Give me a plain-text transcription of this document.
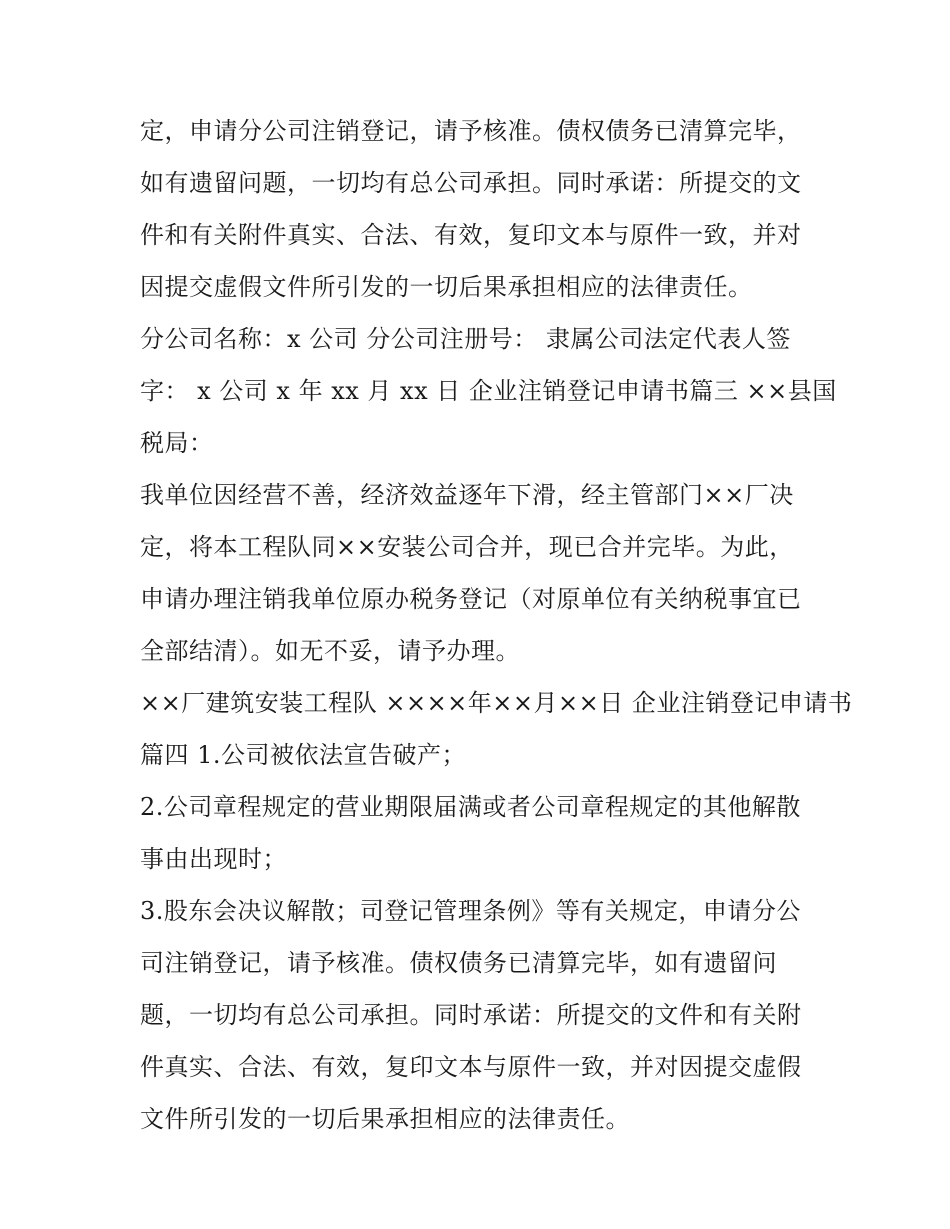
定，申请分公司注销登记，请予核准。债权债务已清算完毕，
如有遗留问题，一切均有总公司承担。同时承诺：所提交的文
件和有关附件真实、合法、有效，复印文本与原件一致，并对
因提交虚假文件所引发的一切后果承担相应的法律责任。
分公司名称：x 公司 分公司注册号： 隶属公司法定代表人签
字： x 公司 x 年 xx 月 xx 日 企业注销登记申请书篇三 ××县国
税局：
我单位因经营不善，经济效益逐年下滑，经主管部门××厂决
定，将本工程队同××安装公司合并，现已合并完毕。为此，
申请办理注销我单位原办税务登记（对原单位有关纳税事宜已
全部结清）。如无不妥，请予办理。
××厂建筑安装工程队 ××××年××月××日 企业注销登记申请书
篇四 1.公司被依法宣告破产；
2.公司章程规定的营业期限届满或者公司章程规定的其他解散
事由出现时；
3.股东会决议解散；司登记管理条例》等有关规定，申请分公
司注销登记，请予核准。债权债务已清算完毕，如有遗留问
题，一切均有总公司承担。同时承诺：所提交的文件和有关附
件真实、合法、有效，复印文本与原件一致，并对因提交虚假
文件所引发的一切后果承担相应的法律责任。
